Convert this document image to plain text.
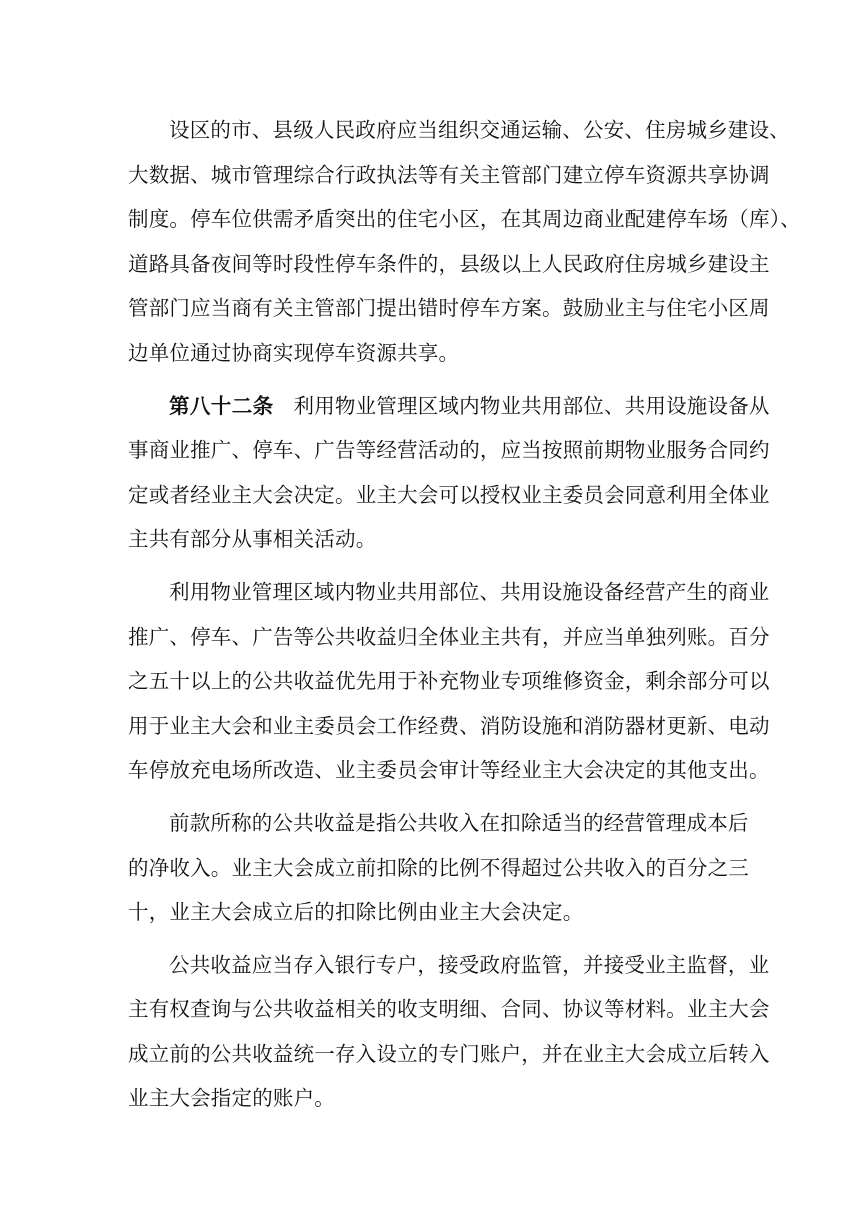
设区的市、县级人民政府应当组织交通运输、公安、住房城乡建设、
大数据、城市管理综合行政执法等有关主管部门建立停车资源共享协调
制度。停车位供需矛盾突出的住宅小区，在其周边商业配建停车场（库）、
道路具备夜间等时段性停车条件的，县级以上人民政府住房城乡建设主
管部门应当商有关主管部门提出错时停车方案。鼓励业主与住宅小区周
边单位通过协商实现停车资源共享。
第八十二条 利用物业管理区域内物业共用部位、共用设施设备从
事商业推广、停车、广告等经营活动的，应当按照前期物业服务合同约
定或者经业主大会决定。业主大会可以授权业主委员会同意利用全体业
主共有部分从事相关活动。
利用物业管理区域内物业共用部位、共用设施设备经营产生的商业
推广、停车、广告等公共收益归全体业主共有，并应当单独列账。百分
之五十以上的公共收益优先用于补充物业专项维修资金，剩余部分可以
用于业主大会和业主委员会工作经费、消防设施和消防器材更新、电动
车停放充电场所改造、业主委员会审计等经业主大会决定的其他支出。
前款所称的公共收益是指公共收入在扣除适当的经营管理成本后
的净收入。业主大会成立前扣除的比例不得超过公共收入的百分之三
十，业主大会成立后的扣除比例由业主大会决定。
公共收益应当存入银行专户，接受政府监管，并接受业主监督，业
主有权查询与公共收益相关的收支明细、合同、协议等材料。业主大会
成立前的公共收益统一存入设立的专门账户，并在业主大会成立后转入
业主大会指定的账户。
